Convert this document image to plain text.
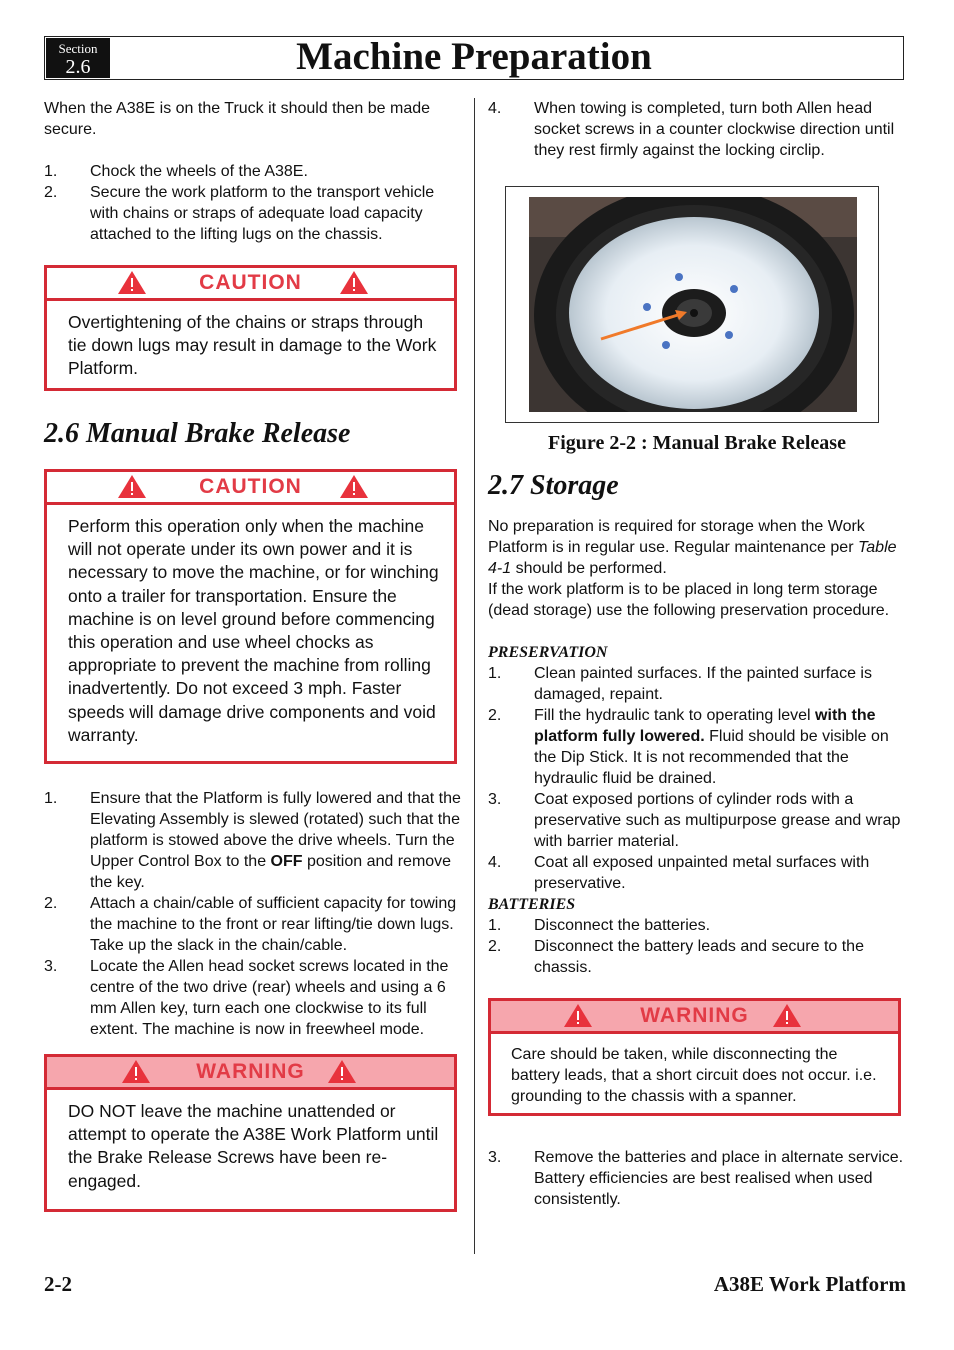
Section
2.6	Machine Preparation

When the A38E is on the Truck it should then be made secure.

1. Chock the wheels of the A38E.
2. Secure the work platform to the transport vehicle with chains or straps of adequate load capacity attached to the lifting lugs on the chassis.
CAUTION
Overtightening of the chains or straps through tie down lugs may result in damage to the Work Platform.
2.6 Manual Brake Release
CAUTION
Perform this operation only when the machine will not operate under its own power and it is necessary to move the machine, or for winching onto a trailer for transportation. Ensure the machine is on level ground before commencing this operation and use wheel chocks as appropriate to prevent the machine from rolling inadvertently. Do not exceed 3 mph. Faster speeds will damage drive components and void warranty.
1. Ensure that the Platform is fully lowered and that the Elevating Assembly is slewed (rotated) such that the platform is stowed above the drive wheels. Turn the Upper Control Box to the OFF position and remove the key.
2. Attach a chain/cable of sufficient capacity for towing the machine to the front or rear lifting/tie down lugs. Take up the slack in the chain/cable.
3. Locate the Allen head socket screws located in the centre of the two drive (rear) wheels and using a 6 mm Allen key, turn each one clockwise to its full extent. The machine is now in freewheel mode.
WARNING
DO NOT leave the machine unattended or attempt to operate the A38E Work Platform until the Brake Release Screws have been re-engaged.
4. When towing is completed, turn both Allen head socket screws in a counter clockwise direction until they rest firmly against the locking circlip.
Figure 2-2 : Manual Brake Release
2.7 Storage

No preparation is required for storage when the Work Platform is in regular use. Regular maintenance per Table 4-1 should be performed.

If the work platform is to be placed in long term storage (dead storage) use the following preservation procedure.

PRESERVATION
1. Clean painted surfaces. If the painted surface is damaged, repaint.
2. Fill the hydraulic tank to operating level with the platform fully lowered. Fluid should be visible on the Dip Stick. It is not recommended that the hydraulic fluid be drained.
3. Coat exposed portions of cylinder rods with a preservative such as multipurpose grease and wrap with barrier material.
4. Coat all exposed unpainted metal surfaces with preservative.
BATTERIES
1. Disconnect the batteries.
2. Disconnect the battery leads and secure to the chassis.
WARNING
Care should be taken, while disconnecting the battery leads, that a short circuit does not occur. i.e. grounding to the chassis with a spanner.
3. Remove the batteries and place in alternate service. Battery efficiencies are best realised when used consistently.
2-2	A38E Work Platform
